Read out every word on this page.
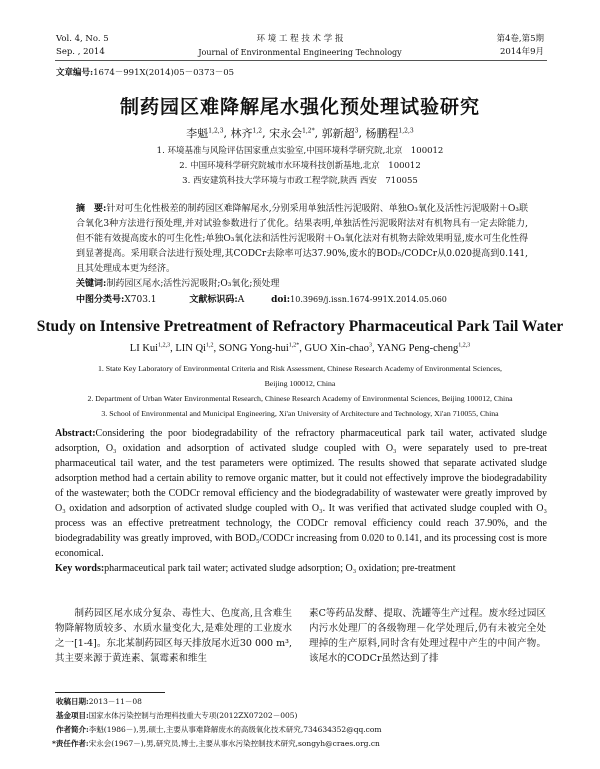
Vol. 4, No. 5
Sep. , 2014
环 境 工 程 技 术 学 报
Journal of Environmental Engineering Technology
第4卷,第5期
2014年9月
文章编号:1674－991X(2014)05－0373－05
制药园区难降解尾水强化预处理试验研究
李魁$^{1,2,3}$, 林齐$^{1,2}$, 宋永会$^{1,2*}$, 郭新超$^3$, 杨鹏程$^{1,2,3}$
1. 环境基准与风险评估国家重点实验室,中国环境科学研究院,北京　100012
2. 中国环境科学研究院城市水环境科技创新基地,北京　100012
3. 西安建筑科技大学环境与市政工程学院,陕西 西安　710055
摘　要:针对可生化性极差的制药园区难降解尾水,分别采用单独活性污泥吸附、单独O₃氧化及活性污泥吸附＋O₃联合氧化3种方法进行预处理,并对试验参数进行了优化。结果表明,单独活性污泥吸附法对有机物具有一定去除能力,但不能有效提高废水的可生化性;单独O₃氧化法和活性污泥吸附＋O₃氧化法对有机物去除效果明显,废水可生化性得到显著提高。采用联合法进行预处理,其CODCr去除率可达37.90%,废水的BOD₅/CODCr从0.020提高到0.141,且其处理成本更为经济。
关键词:制药园区尾水;活性污泥吸附;O₃氧化;预处理
中图分类号:X703.1	文献标识码:A	doi:10.3969/j.issn.1674-991X.2014.05.060
Study on Intensive Pretreatment of Refractory Pharmaceutical Park Tail Water
LI Kui$^{1,2,3}$, LIN Qi$^{1,2}$, SONG Yong-hui$^{1,2*}$, GUO Xin-chao$^3$, YANG Peng-cheng$^{1,2,3}$
1. State Key Laboratory of Environmental Criteria and Risk Assessment, Chinese Research Academy of Environmental Sciences,
Beijing 100012, China
2. Department of Urban Water Environmental Research, Chinese Research Academy of Environmental Sciences, Beijing 100012, China
3. School of Environmental and Municipal Engineering, Xi'an University of Architecture and Technology, Xi'an 710055, China
Abstract:Considering the poor biodegradability of the refractory pharmaceutical park tail water, activated sludge adsorption, O₃ oxidation and adsorption of activated sludge coupled with O₃ were separately used to pre-treat pharmaceutical tail water, and the test parameters were optimized. The results showed that separate activated sludge adsorption method had a certain ability to remove organic matter, but it could not effectively improve the biodegradability of the wastewater; both the CODCr removal efficiency and the biodegradability of wastewater were greatly improved by O₃ oxidation and adsorption of activated sludge coupled with O₃. It was verified that activated sludge coupled with O₃ process was an effective pretreatment technology, the CODCr removal efficiency could reach 37.90%, and the biodegradability was greatly improved, with BOD₅/CODCr increasing from 0.020 to 0.141, and its processing cost is more economical.
Key words:pharmaceutical park tail water; activated sludge adsorption; O₃ oxidation; pre-treatment
　　制药园区尾水成分复杂、毒性大、色度高,且含难生物降解物质较多、水质水量变化大,是难处理的工业废水之一[1-4]。东北某制药园区每天排放尾水近30 000 m³,其主要来源于黄连素、氯霉素和维生
素C等药品发酵、提取、洗罐等生产过程。废水经过园区内污水处理厂的各级物理－化学处理后,仍有未被完全处理掉的生产原料,同时含有处理过程中产生的中间产物。该尾水的CODCr虽然达到了排
收稿日期:2013－11－08
基金项目:国家水体污染控制与治理科技重大专项(2012ZX07202－005)
作者简介:李魁(1986－),男,硕士,主要从事难降解废水的高级氧化技术研究,734634352@qq.com
*责任作者:宋永会(1967－),男,研究员,博士,主要从事水污染控制技术研究,songyh@craes.org.cn
